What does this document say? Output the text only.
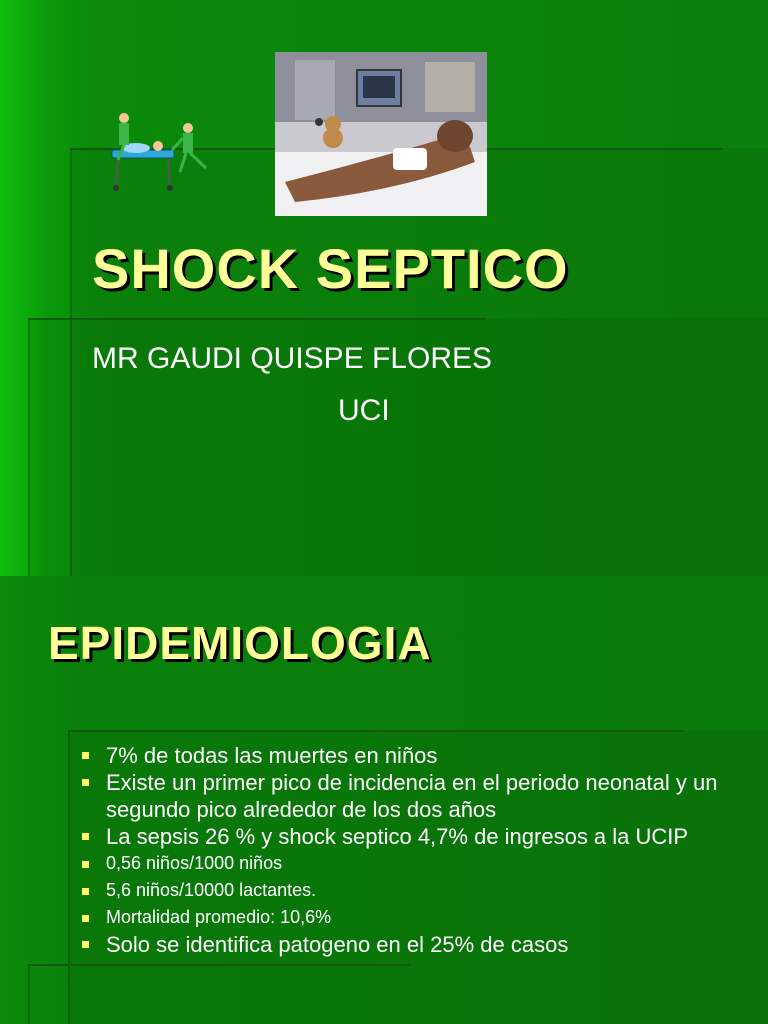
SHOCK SEPTICO
MR GAUDI QUISPE FLORES
UCI
EPIDEMIOLOGIA
7% de todas las muertes en niños
Existe un primer pico de incidencia en el periodo neonatal y un segundo pico alrededor de los dos años
La sepsis 26 % y shock septico 4,7% de ingresos a la UCIP
0,56 niños/1000 niños
5,6 niños/10000 lactantes.
Mortalidad promedio: 10,6%
Solo se identifica patogeno en el 25% de casos
